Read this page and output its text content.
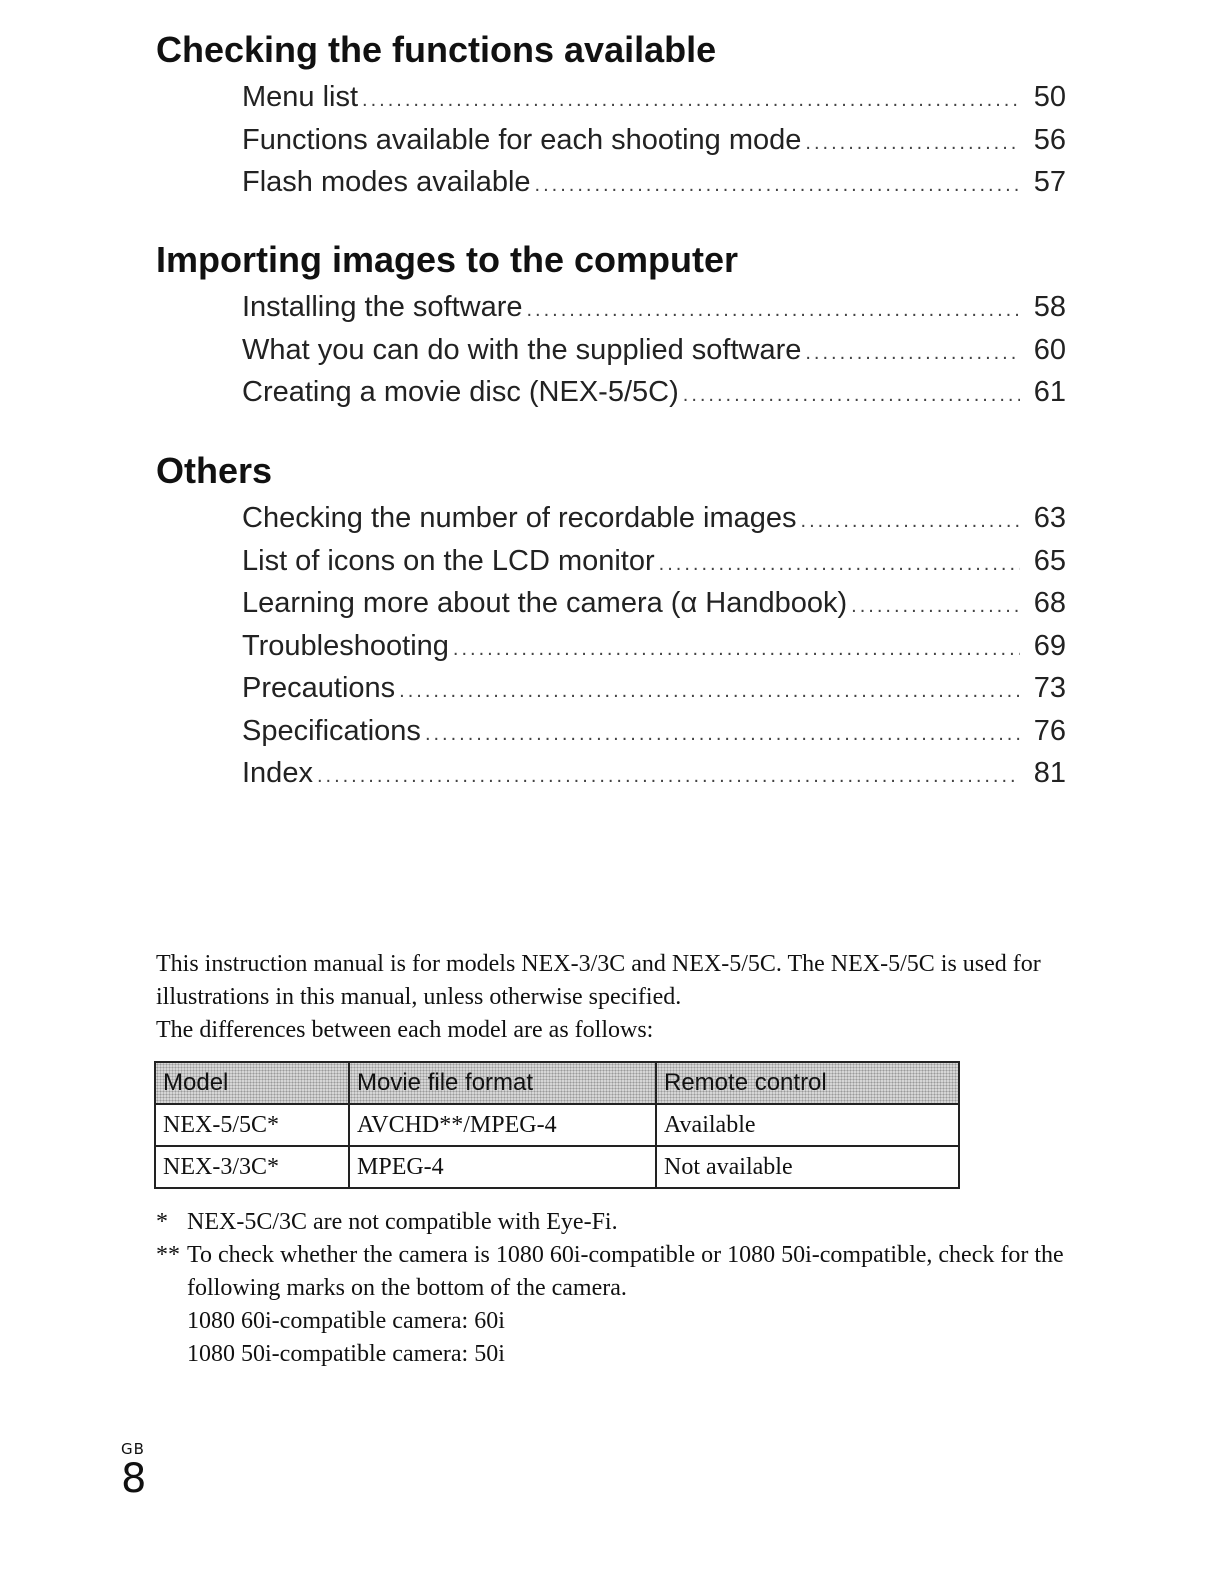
Checking the functions available
Menu list .....	50
Functions available for each shooting mode .....	56
Flash modes available .....	57
Importing images to the computer
Installing the software .....	58
What you can do with the supplied software .....	60
Creating a movie disc (NEX-5/5C) .....	61
Others
Checking the number of recordable images .....	63
List of icons on the LCD monitor .....	65
Learning more about the camera (α Handbook) .....	68
Troubleshooting .....	69
Precautions .....	73
Specifications .....	76
Index .....	81

This instruction manual is for models NEX-3/3C and NEX-5/5C. The NEX-5/5C is used for illustrations in this manual, unless otherwise specified.

The differences between each model are as follows:

Model	Movie file format	Remote control
NEX-5/5C*	AVCHD**/MPEG-4	Available
NEX-3/3C*	MPEG-4	Not available
* NEX-5C/3C are not compatible with Eye-Fi.
** To check whether the camera is 1080 60i-compatible or 1080 50i-compatible, check for the following marks on the bottom of the camera.
1080 60i-compatible camera: 60i
1080 50i-compatible camera: 50i
GB
8
